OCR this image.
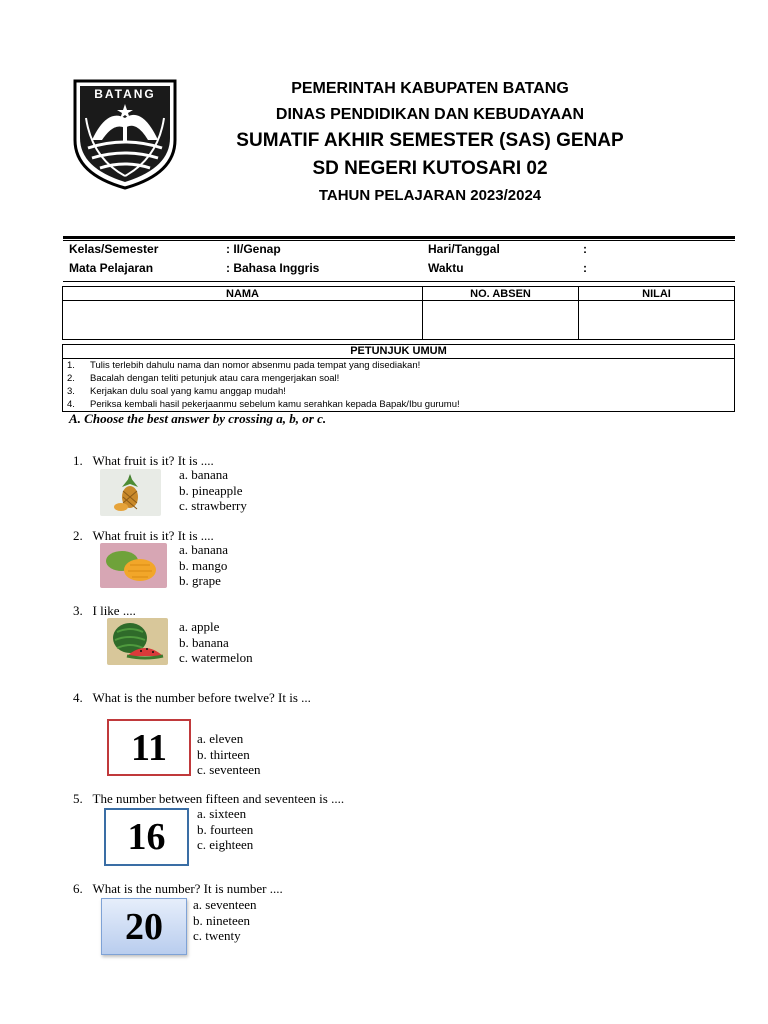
BATANG	PEMERINTAH KABUPATEN BATANG
DINAS PENDIDIKAN DAN KEBUDAYAAN
SUMATIF AKHIR SEMESTER (SAS) GENAP
SD NEGERI KUTOSARI 02
TAHUN PELAJARAN 2023/2024
Kelas/Semester	: II/Genap	Hari/Tanggal	:
Mata Pelajaran	: Bahasa Inggris	Waktu	:
NAMA	NO. ABSEN	NILAI

PETUNJUK UMUM
1. Tulis terlebih dahulu nama dan nomor absenmu pada tempat yang disediakan!
2. Bacalah dengan teliti petunjuk atau cara mengerjakan soal!
3. Kerjakan dulu soal yang kamu anggap mudah!
4. Periksa kembali hasil pekerjaanmu sebelum kamu serahkan kepada Bapak/Ibu gurumu!
A. Choose the best answer by crossing a, b, or c.
1. What fruit is it? It is ....
a. banana
b. pineapple
c. strawberry
2. What fruit is it? It is ....
a. banana
b. mango
b. grape
3. I like ....
a. apple
b. banana
c. watermelon
4. What is the number before twelve? It is ...
11	a. eleven
b. thirteen
c. seventeen
5. The number between fifteen and seventeen is ....
16
a. sixteen
b. fourteen
c. eighteen
6. What is the number? It is number ....
20
a. seventeen
b. nineteen
c. twenty
